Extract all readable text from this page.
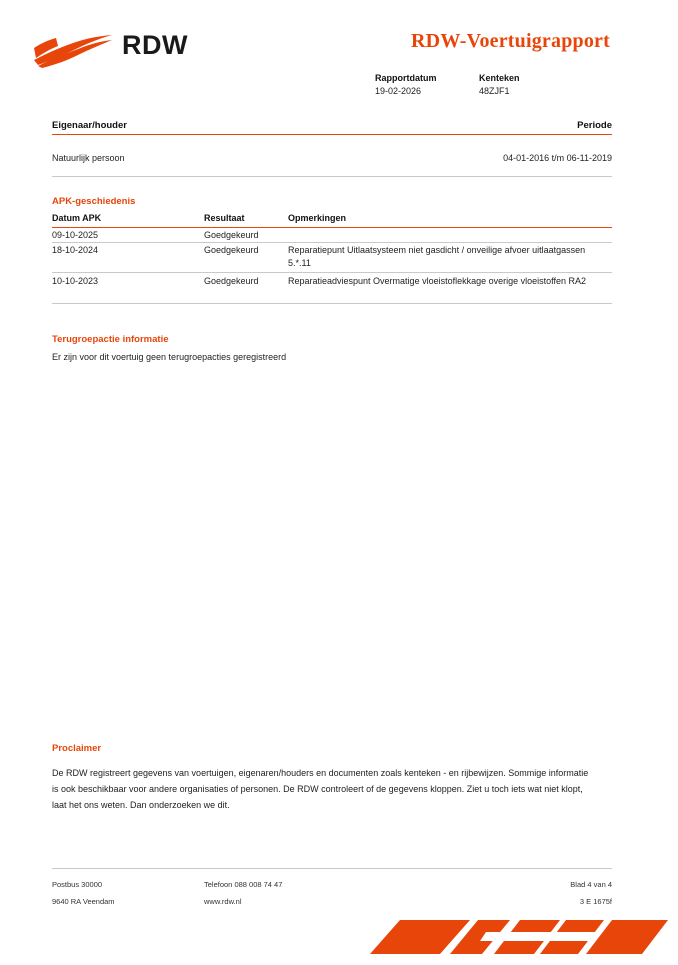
RDW	RDW-Voertuigrapport
Rapportdatum	Kenteken
19-02-2026	48ZJF1
Eigenaar/houder	Periode
Natuurlijk persoon	04-01-2016 t/m 06-11-2019
APK-geschiedenis
Datum APK	Resultaat	Opmerkingen
09-10-2025	Goedgekeurd
18-10-2024	Goedgekeurd	Reparatiepunt Uitlaatsysteem niet gasdicht / onveilige afvoer uitlaatgassen 5.*.11
10-10-2023	Goedgekeurd	Reparatieadviespunt Overmatige vloeistoflekkage overige vloeistoffen RA2
Terugroepactie informatie
Er zijn voor dit voertuig geen terugroepacties geregistreerd
Proclaimer
De RDW registreert gegevens van voertuigen, eigenaren/houders en documenten zoals kenteken - en rijbewijzen. Sommige informatie is ook beschikbaar voor andere organisaties of personen. De RDW controleert of de gegevens kloppen. Ziet u toch iets wat niet klopt, laat het ons weten. Dan onderzoeken we dit.
Postbus 30000
9640 RA Veendam
Telefoon 088 008 74 47
www.rdw.nl
Blad 4 van 4
3 E 1675f
